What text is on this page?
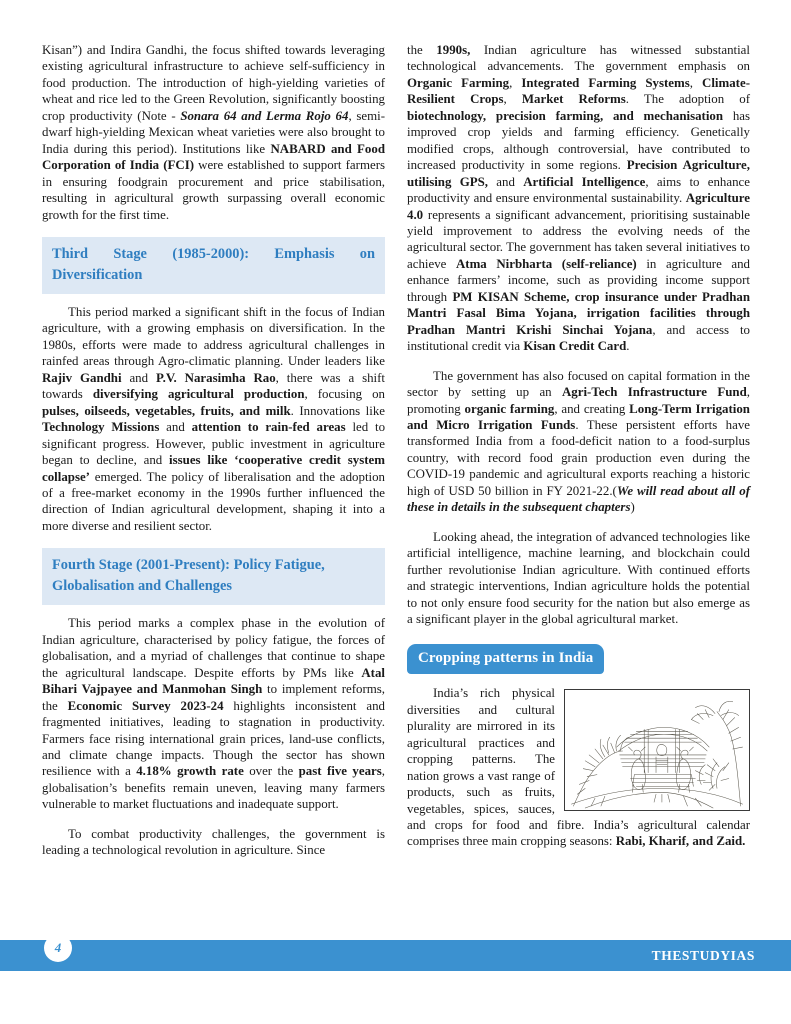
Kisan”) and Indira Gandhi, the focus shifted towards leveraging existing agricultural infrastructure to achieve self-sufficiency in food production. The introduction of high-yielding varieties of wheat and rice led to the Green Revolution, significantly boosting crop productivity (Note - Sonara 64 and Lerma Rojo 64, semi- dwarf high-yielding Mexican wheat varieties were also brought to India during this period). Institutions like NABARD and Food Corporation of India (FCI) were established to support farmers in ensuring foodgrain procurement and price stabilisation, resulting in agricultural growth surpassing overall economic growth for the first time.

Third Stage (1985-2000): Emphasis on
Diversification

This period marked a significant shift in the focus of Indian agriculture, with a growing emphasis on diversification. In the 1980s, efforts were made to address agricultural challenges in rainfed areas through Agro-climatic planning. Under leaders like Rajiv Gandhi and P.V. Narasimha Rao, there was a shift towards diversifying agricultural production, focusing on pulses, oilseeds, vegetables, fruits, and milk. Innovations like Technology Missions and attention to rain-fed areas led to significant progress. However, public investment in agriculture began to decline, and issues like ‘cooperative credit system collapse’ emerged. The policy of liberalisation and the adoption of a free-market economy in the 1990s further influenced the direction of Indian agricultural development, shaping it into a more diverse and resilient sector.

Fourth Stage (2001-Present): Policy Fatigue,
Globalisation and Challenges

This period marks a complex phase in the evolution of Indian agriculture, characterised by policy fatigue, the forces of globalisation, and a myriad of challenges that continue to shape the agricultural landscape. Despite efforts by PMs like Atal Bihari Vajpayee and Manmohan Singh to implement reforms, the Economic Survey 2023-24 highlights inconsistent and fragmented initiatives, leading to stagnation in productivity. Farmers face rising international grain prices, land-use conflicts, and climate change impacts. Though the sector has shown resilience with a 4.18% growth rate over the past five years, globalisation’s benefits remain uneven, leaving many farmers vulnerable to market fluctuations and inadequate support.

To combat productivity challenges, the government is leading a technological revolution in agriculture. Since

the 1990s, Indian agriculture has witnessed substantial technological advancements. The government emphasis on Organic Farming, Integrated Farming Systems, Climate-Resilient Crops, Market Reforms. The adoption of biotechnology, precision farming, and mechanisation has improved crop yields and farming efficiency. Genetically modified crops, although controversial, have contributed to increased productivity in some regions. Precision Agriculture, utilising GPS, and Artificial Intelligence, aims to enhance productivity and ensure environmental sustainability. Agriculture 4.0 represents a significant advancement, prioritising sustainable yield improvement to address the evolving needs of the agricultural sector. The government has taken several initiatives to achieve Atma Nirbharta (self-reliance) in agriculture and enhance farmers’ income, such as providing income support through PM KISAN Scheme, crop insurance under Pradhan Mantri Fasal Bima Yojana, irrigation facilities through Pradhan Mantri Krishi Sinchai Yojana, and access to institutional credit via Kisan Credit Card.

The government has also focused on capital formation in the sector by setting up an Agri-Tech Infrastructure Fund, promoting organic farming, and creating Long-Term Irrigation and Micro Irrigation Funds. These persistent efforts have transformed India from a food-deficit nation to a food-surplus country, with record food grain production even during the COVID-19 pandemic and agricultural exports reaching a historic high of USD 50 billion in FY 2021-22.(We will read about all of these in details in the subsequent chapters)

Looking ahead, the integration of advanced technologies like artificial intelligence, machine learning, and blockchain could further revolutionise Indian agriculture. With continued efforts and strategic interventions, Indian agriculture holds the potential to not only ensure food security for the nation but also emerge as a significant player in the global agricultural market.

Cropping patterns in India

India’s rich physical diversities and cultural plurality are mirrored in its agricultural practices and cropping patterns. The nation grows a vast range of products, such as fruits, vegetables, spices, sauces, and crops for food and fibre. India’s agricultural calendar comprises three main cropping seasons: Rabi, Kharif, and Zaid.

4	THESTUDYIAS
